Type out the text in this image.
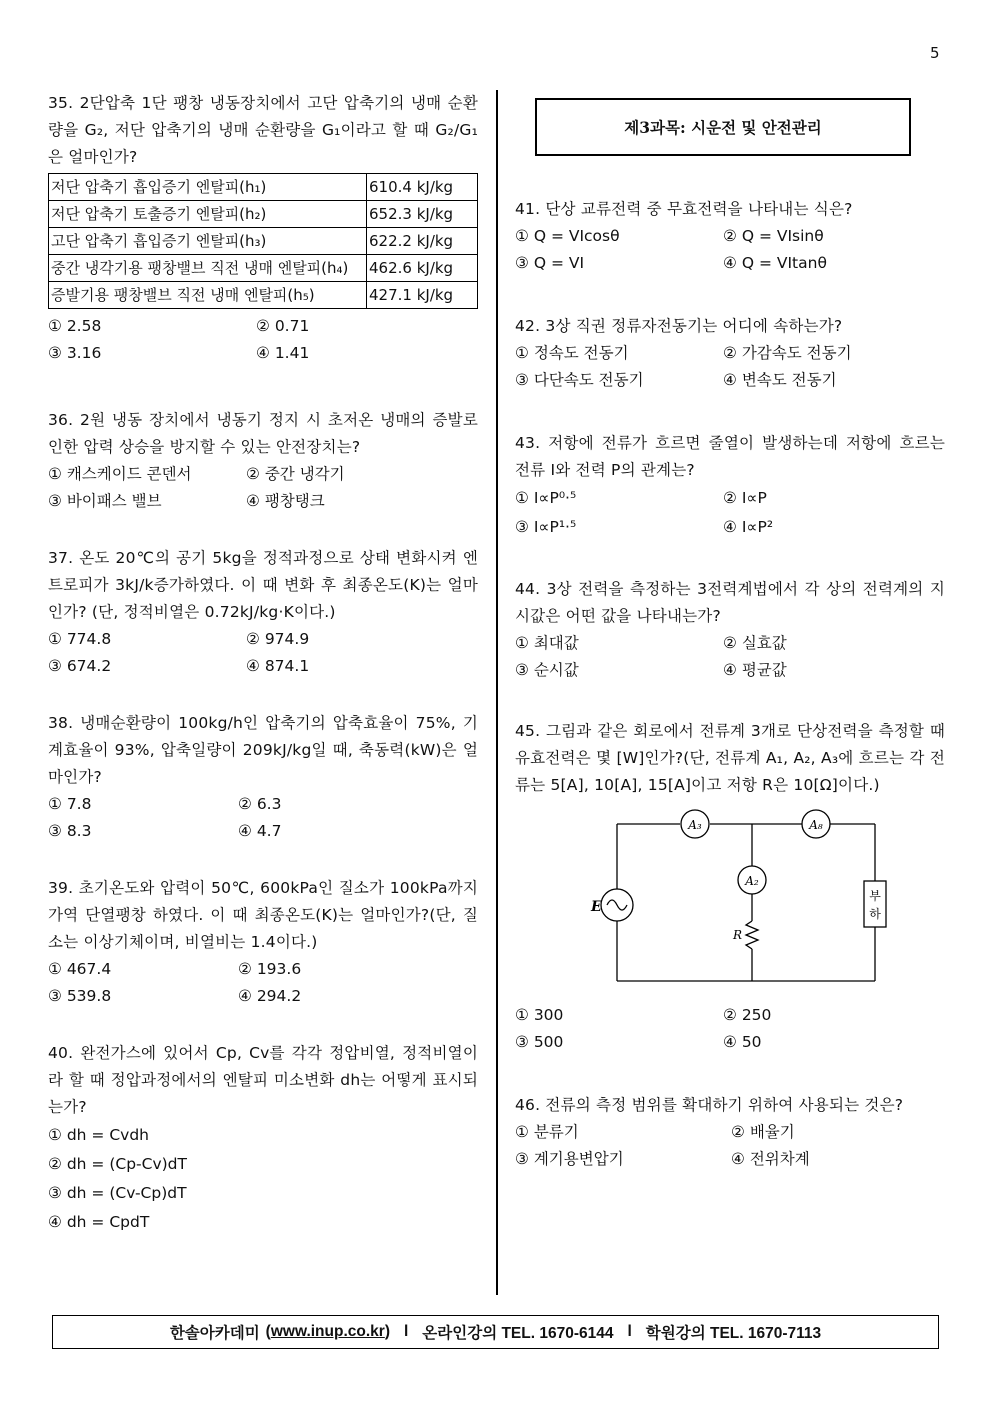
5
35. 2단압축 1단 팽창 냉동장치에서 고단 압축기의 냉매 순환량을 G₂, 저단 압축기의 냉매 순환량을 G₁이라고 할 때 G₂/G₁은 얼마인가?
저단 압축기 흡입증기 엔탈피(h₁)	610.4 kJ/kg
저단 압축기 토출증기 엔탈피(h₂)	652.3 kJ/kg
고단 압축기 흡입증기 엔탈피(h₃)	622.2 kJ/kg
중간 냉각기용 팽창밸브 직전 냉매 엔탈피(h₄)	462.6 kJ/kg
증발기용 팽창밸브 직전 냉매 엔탈피(h₅)	427.1 kJ/kg
① 2.58	② 0.71
③ 3.16	④ 1.41
36. 2원 냉동 장치에서 냉동기 정지 시 초저온 냉매의 증발로 인한 압력 상승을 방지할 수 있는 안전장치는?
① 캐스케이드 콘덴서	② 중간 냉각기
③ 바이패스 밸브	④ 팽창탱크
37. 온도 20℃의 공기 5kg을 정적과정으로 상태 변화시켜 엔트로피가 3kJ/k증가하였다. 이 때 변화 후 최종온도(K)는 얼마인가? (단, 정적비열은 0.72kJ/kg·K이다.)
① 774.8	② 974.9
③ 674.2	④ 874.1
38. 냉매순환량이 100kg/h인 압축기의 압축효율이 75%, 기계효율이 93%, 압축일량이 209kJ/kg일 때, 축동력(kW)은 얼마인가?
① 7.8	② 6.3
③ 8.3	④ 4.7
39. 초기온도와 압력이 50℃, 600kPa인 질소가 100kPa까지 가역 단열팽창 하였다. 이 때 최종온도(K)는 얼마인가?(단, 질소는 이상기체이며, 비열비는 1.4이다.)
① 467.4	② 193.6
③ 539.8	④ 294.2
40. 완전가스에 있어서 Cp, Cv를 각각 정압비열, 정적비열이라 할 때 정압과정에서의 엔탈피 미소변화 dh는 어떻게 표시되는가?
① dh = Cvdh
② dh = (Cp-Cv)dT
③ dh = (Cv-Cp)dT
④ dh = CpdT
제3과목: 시운전 및 안전관리
41. 단상 교류전력 중 무효전력을 나타내는 식은?
① Q = VIcosθ	② Q = VIsinθ
③ Q = VI	④ Q = VItanθ
42. 3상 직권 정류자전동기는 어디에 속하는가?
① 정속도 전동기	② 가감속도 전동기
③ 다단속도 전동기	④ 변속도 전동기
43. 저항에 전류가 흐르면 줄열이 발생하는데 저항에 흐르는 전류 I와 전력 P의 관계는?
① I∝P⁰·⁵	② I∝P
③ I∝P¹·⁵	④ I∝P²
44. 3상 전력을 측정하는 3전력계법에서 각 상의 전력계의 지시값은 어떤 값을 나타내는가?
① 최대값	② 실효값
③ 순시값	④ 평균값
45. 그림과 같은 회로에서 전류계 3개로 단상전력을 측정할 때 유효전력은 몇 [W]인가?(단, 전류계 A₁, A₂, A₃에 흐르는 각 전류는 5[A], 10[A], 15[A]이고 저항 R은 10[Ω]이다.)
A₃	A₈
A₂
E
R
부
하
① 300	② 250
③ 500	④ 50
46. 전류의 측정 범위를 확대하기 위하여 사용되는 것은?
① 분류기	② 배율기
③ 계기용변압기	④ 전위차계
한솔아카데미 (www.inup.co.kr) l 온라인강의 TEL. 1670-6144 l 학원강의 TEL. 1670-7113
